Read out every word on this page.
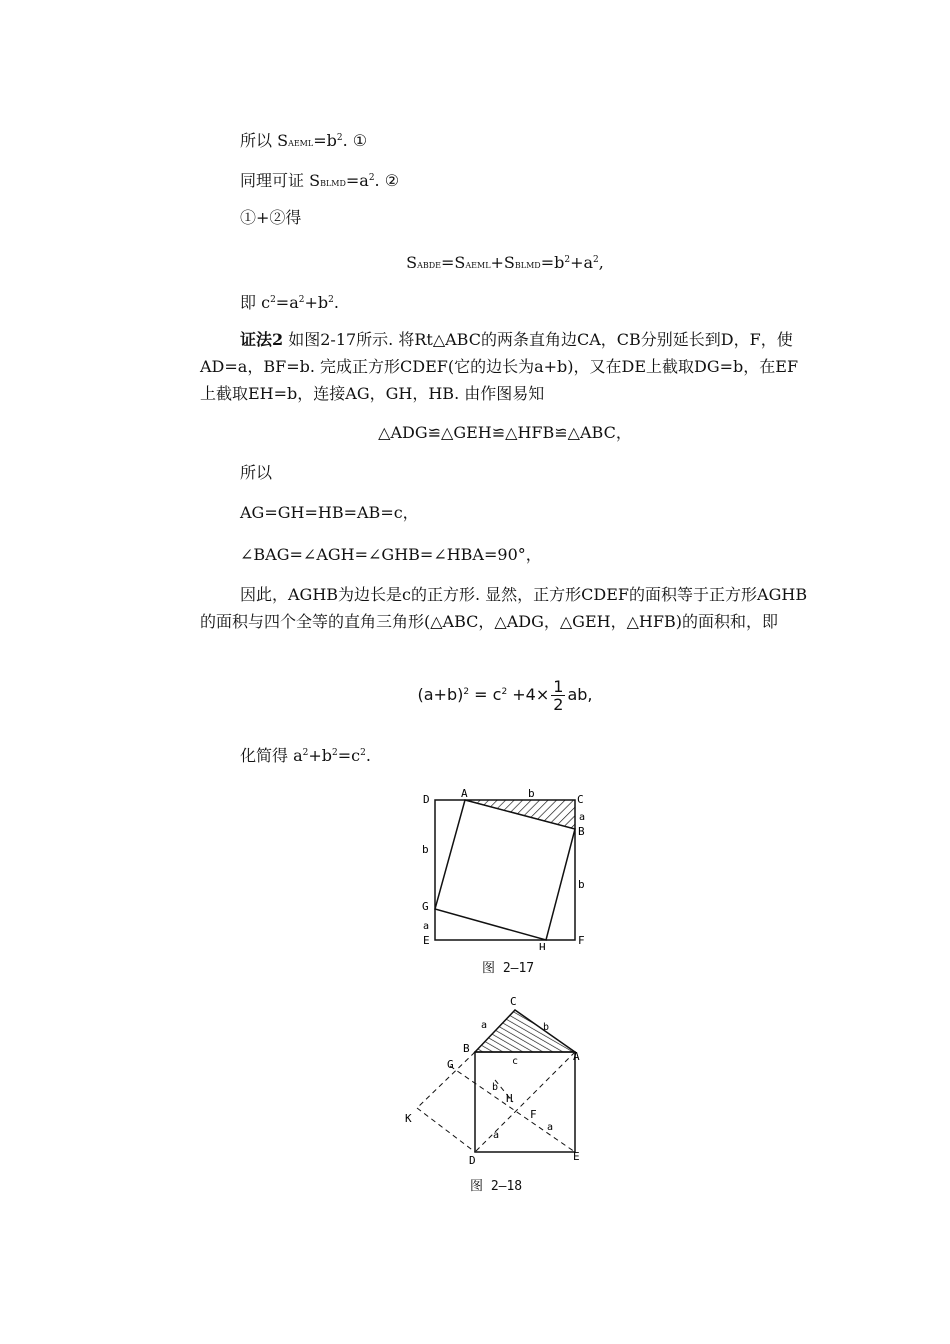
所以 $SAEML=b^2$. ①
同理可证 $SBLMD=a^2$. ②
①+②得
$SABDE=SAEML+SBLMD=b^2+a^2$,
即 $c^2=a^2+b^2$.
证法2 如图2-17所示. 将Rt△ABC的两条直角边CA，CB分别延长到D，F，使AD=a，BF=b. 完成正方形CDEF(它的边长为a+b)，又在DE上截取DG=b，在EF上截取EH=b，连接AG，GH，HB. 由作图易知
△ADG≌△GEH≌△HFB≌△ABC，
所以
AG=GH=HB=AB=c，
∠BAG=∠AGH=∠GHB=∠HBA=90°，
因此，AGHB为边长是c的正方形. 显然，正方形CDEF的面积等于正方形AGHB的面积与四个全等的直角三角形(△ABC，△ADG，△GEH，△HFB)的面积和，即
$(a+b)^2 = c^2 +4\times \frac{1}{2}$ ab,
化简得 $a^2+b^2=c^2$.
D	A	b	C
a
B
b
b
G
a
E
H
F
图 2—17
C
a	b
B
c	A
G
b
H
K	F
a
a
D	E
图 2—18
